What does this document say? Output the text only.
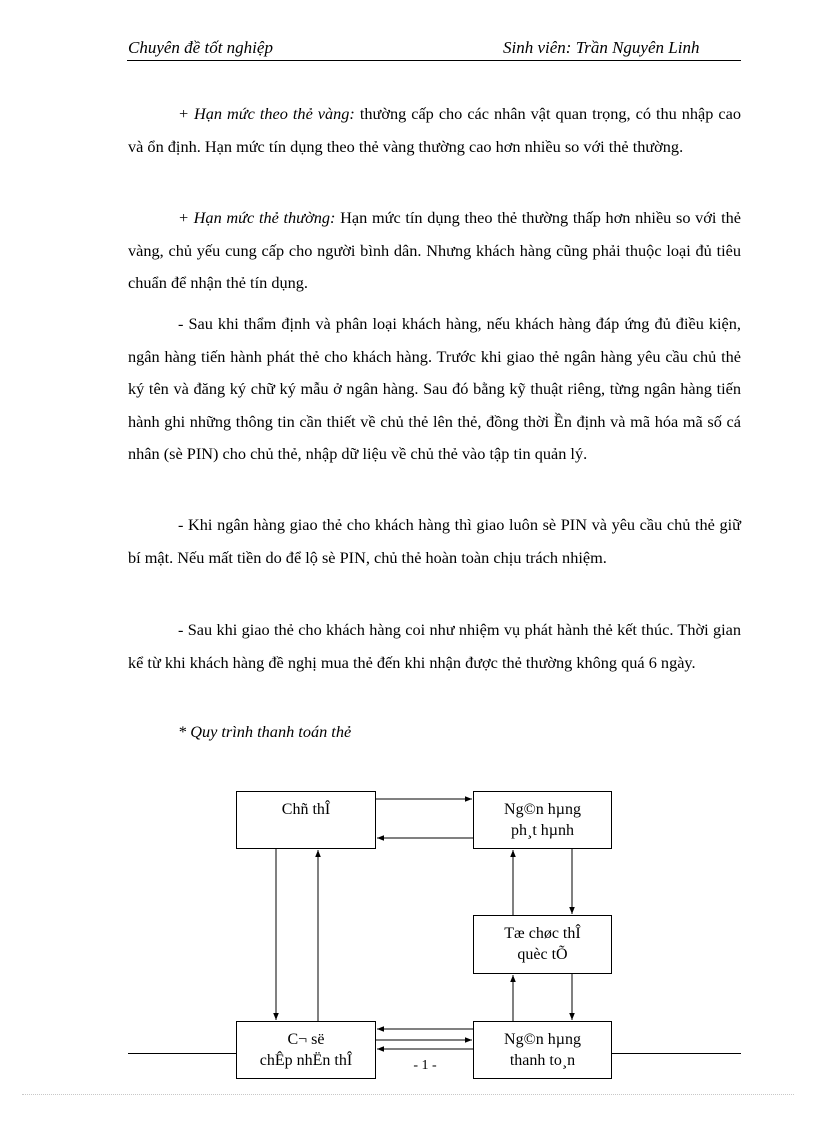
Chuyên đề tốt nghiệp	Sinh viên: Trần Nguyên Linh

+ Hạn mức theo thẻ vàng: thường cấp cho các nhân vật quan trọng, có thu nhập cao và ổn định. Hạn mức tín dụng theo thẻ vàng thường cao hơn nhiều so với thẻ thường.

+ Hạn mức thẻ thường: Hạn mức tín dụng theo thẻ thường thấp hơn nhiều so với thẻ vàng, chủ yếu cung cấp cho người bình dân. Nhưng khách hàng cũng phải thuộc loại đủ tiêu chuẩn để nhận thẻ tín dụng.

- Sau khi thẩm định và phân loại khách hàng, nếu khách hàng đáp ứng đủ điều kiện, ngân hàng tiến hành phát thẻ cho khách hàng. Trước khi giao thẻ ngân hàng yêu cầu chủ thẻ ký tên và đăng ký chữ ký mẫu ở ngân hàng. Sau đó bằng kỹ thuật riêng, từng ngân hàng tiến hành ghi những thông tin cần thiết về chủ thẻ lên thẻ, đồng thời Ền định và mã hóa mã số cá nhân (sè PIN) cho chủ thẻ, nhập dữ liệu về chủ thẻ vào tập tin quản lý.

- Khi ngân hàng giao thẻ cho khách hàng thì giao luôn sè PIN và yêu cầu chủ thẻ giữ bí mật. Nếu mất tiền do để lộ sè PIN, chủ thẻ hoàn toàn chịu trách nhiệm.

- Sau khi giao thẻ cho khách hàng coi như nhiệm vụ phát hành thẻ kết thúc. Thời gian kể từ khi khách hàng đề nghị mua thẻ đến khi nhận được thẻ thường không quá 6 ngày.

* Quy trình thanh toán thẻ
Chñ thÎ	Ng©n hµng
ph¸t hµnh
Tæ chøc thÎ
quèc tÕ
C¬ së
chÊp nhËn thÎ
Ng©n hµng
thanh to¸n
- 1 -
